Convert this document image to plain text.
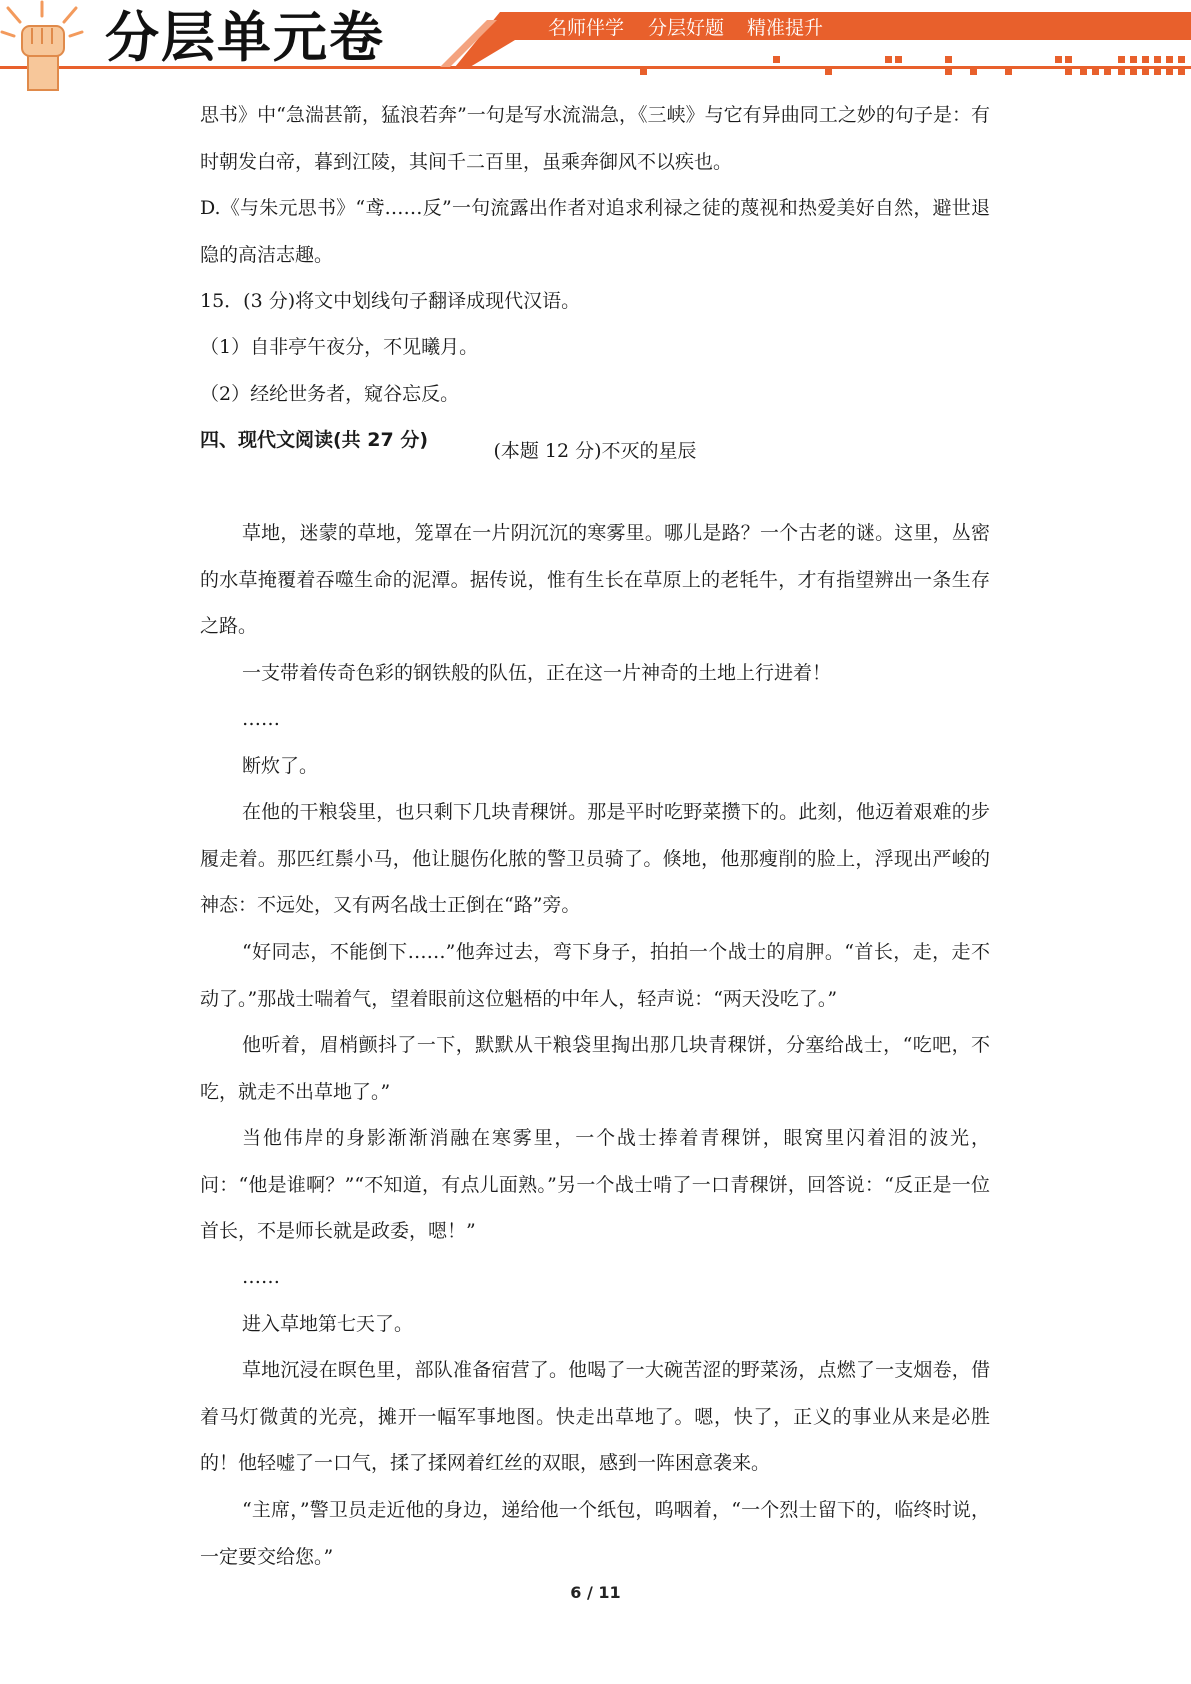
分层单元卷	名师伴学 分层好题 精准提升
思书》中“急湍甚箭，猛浪若奔”一句是写水流湍急，《三峡》与它有异曲同工之妙的句子是：有时朝发白帝，暮到江陵，其间千二百里，虽乘奔御风不以疾也。
D.《与朱元思书》“鸢……反”一句流露出作者对追求利禄之徒的蔑视和热爱美好自然，避世退隐的高洁志趣。
15．(3 分)将文中划线句子翻译成现代汉语。
（1）自非亭午夜分，不见曦月。
（2）经纶世务者，窥谷忘反。
四、现代文阅读(共 27 分)	(本题 12 分)不灭的星辰
草地，迷蒙的草地，笼罩在一片阴沉沉的寒雾里。哪儿是路？一个古老的谜。这里，丛密的水草掩覆着吞噬生命的泥潭。据传说，惟有生长在草原上的老牦牛，才有指望辨出一条生存之路。
一支带着传奇色彩的钢铁般的队伍，正在这一片神奇的土地上行进着！
……
断炊了。
在他的干粮袋里，也只剩下几块青稞饼。那是平时吃野菜攒下的。此刻，他迈着艰难的步履走着。那匹红鬃小马，他让腿伤化脓的警卫员骑了。倏地，他那瘦削的脸上，浮现出严峻的神态：不远处，又有两名战士正倒在“路”旁。
“好同志，不能倒下……”他奔过去，弯下身子，拍拍一个战士的肩胛。“首长，走，走不动了。”那战士喘着气，望着眼前这位魁梧的中年人，轻声说：“两天没吃了。”
他听着，眉梢颤抖了一下，默默从干粮袋里掏出那几块青稞饼，分塞给战士，“吃吧，不吃，就走不出草地了。”
当他伟岸的身影渐渐消融在寒雾里，一个战士捧着青稞饼，眼窝里闪着泪的波光，问：“他是谁啊？”“不知道，有点儿面熟。”另一个战士啃了一口青稞饼，回答说：“反正是一位首长，不是师长就是政委，嗯！”
……
进入草地第七天了。
草地沉浸在暝色里，部队准备宿营了。他喝了一大碗苦涩的野菜汤，点燃了一支烟卷，借着马灯微黄的光亮，摊开一幅军事地图。快走出草地了。嗯，快了，正义的事业从来是必胜的！他轻嘘了一口气，揉了揉网着红丝的双眼，感到一阵困意袭来。
“主席，”警卫员走近他的身边，递给他一个纸包，呜咽着，“一个烈士留下的，临终时说，一定要交给您。”
6 / 11
